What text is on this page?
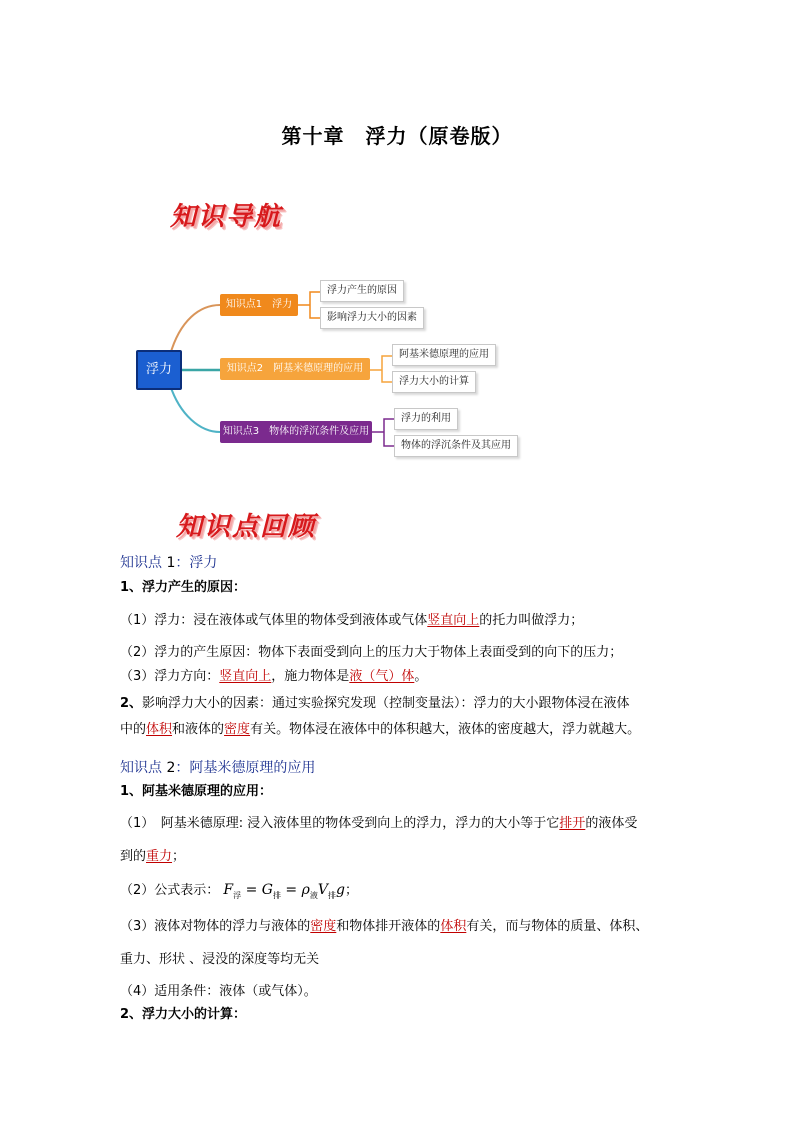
第十章　浮力（原卷版）
知识导航
浮力
知识点1　浮力
浮力产生的原因
影响浮力大小的因素
知识点2　阿基米德原理的应用
阿基米德原理的应用
浮力大小的计算
知识点3　物体的浮沉条件及应用
浮力的利用
物体的浮沉条件及其应用
知识点回顾
知识点 1：浮力
1、浮力产生的原因：
（1）浮力：浸在液体或气体里的物体受到液体或气体竖直向上的托力叫做浮力；
（2）浮力的产生原因：物体下表面受到向上的压力大于物体上表面受到的向下的压力；
（3）浮力方向：竖直向上，施力物体是液（气）体。
2、影响浮力大小的因素：通过实验探究发现（控制变量法）：浮力的大小跟物体浸在液体
中的体积和液体的密度有关。物体浸在液体中的体积越大，液体的密度越大，浮力就越大。
知识点 2：阿基米德原理的应用
1、阿基米德原理的应用：
（1）　阿基米德原理: 浸入液体里的物体受到向上的浮力，浮力的大小等于它排开的液体受
到的重力；
（2）公式表示： $F_浮 = G_排 = \rho_液V_排g$；
（3）液体对物体的浮力与液体的密度和物体排开液体的体积有关，而与物体的质量、体积、
重力、形状 、浸没的深度等均无关
（4）适用条件：液体（或气体）。
2、浮力大小的计算：
